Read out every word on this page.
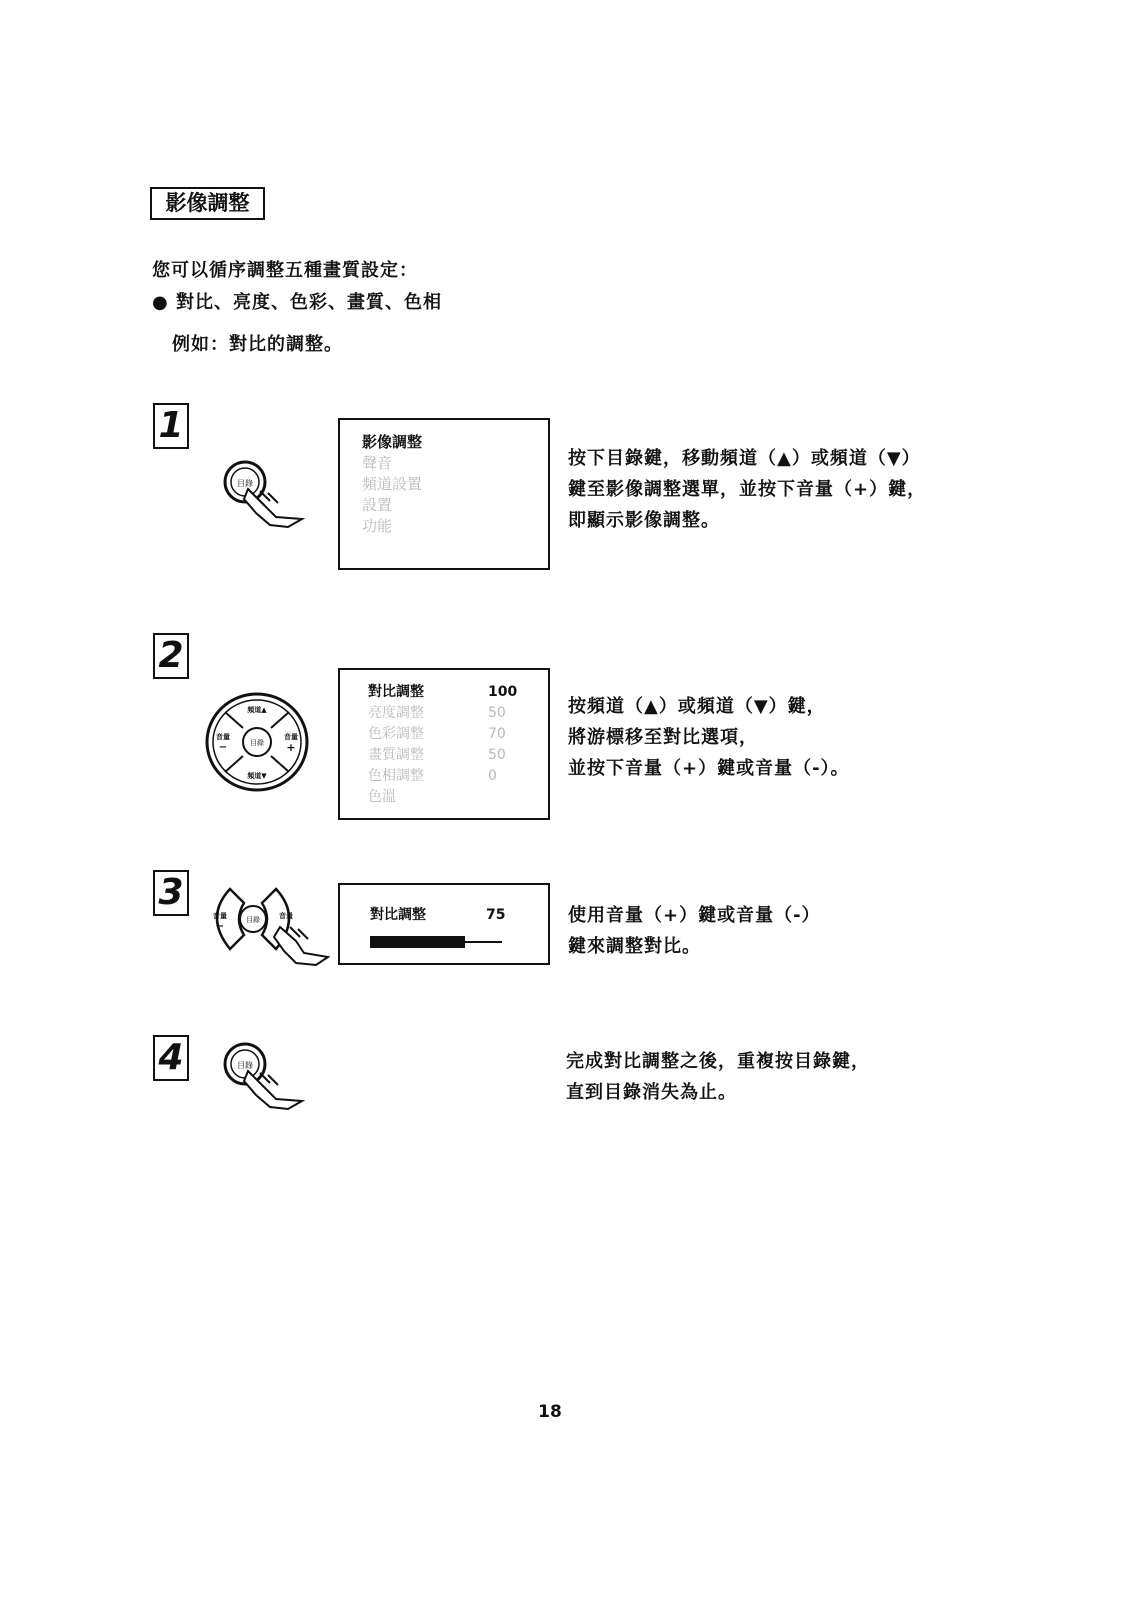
影像調整
您可以循序調整五種畫質設定：
● 對比、亮度、色彩、畫質、色相
例如：對比的調整。
1
目錄
影像調整
聲音
頻道設置
設置
功能
按下目錄鍵，移動頻道（▲）或頻道（▼）
鍵至影像調整選單，並按下音量（+）鍵，
即顯示影像調整。
2
目錄
頻道▲
頻道▼
音量
−
音量
+
對比調整	100
亮度調整	50
色彩調整	70
畫質調整	50
色相調整	0
色溫
按頻道（▲）或頻道（▼）鍵，
將游標移至對比選項，
並按下音量（+）鍵或音量（-）。
3
目錄
音量
−
音量	對比調整	75	使用音量（+）鍵或音量（-）
鍵來調整對比。
4	目錄	完成對比調整之後，重複按目錄鍵，
直到目錄消失為止。
18
